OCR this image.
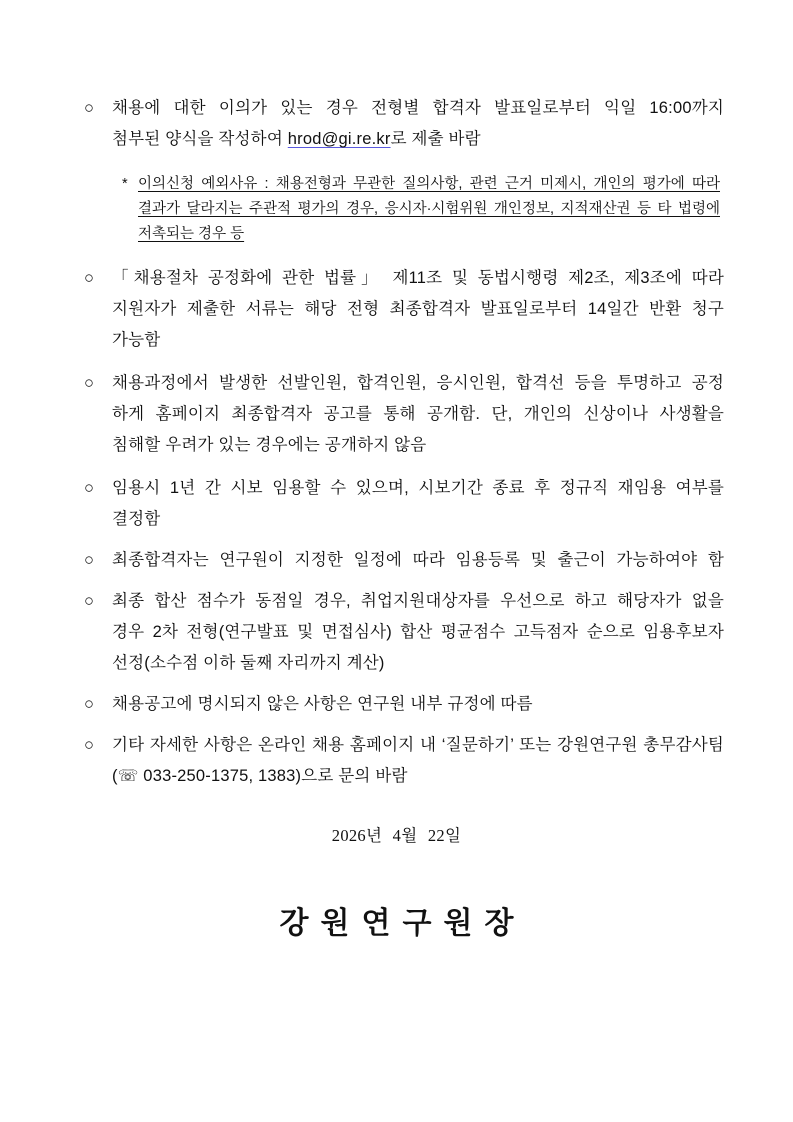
○	채용에 대한 이의가 있는 경우 전형별 합격자 발표일로부터 익일 16:00까지
첨부된 양식을 작성하여 hrod@gi.re.kr로 제출 바람
* 이의신청 예외사유 : 채용전형과 무관한 질의사항, 관련 근거 미제시, 개인의 평가에 따라
결과가 달라지는 주관적 평가의 경우, 응시자·시험위원 개인정보, 지적재산권 등 타 법령에
저촉되는 경우 등
○	「채용절차 공정화에 관한 법률」 제11조 및 동법시행령 제2조, 제3조에 따라
지원자가 제출한 서류는 해당 전형 최종합격자 발표일로부터 14일간 반환 청구
가능함
○	채용과정에서 발생한 선발인원, 합격인원, 응시인원, 합격선 등을 투명하고 공정
하게 홈페이지 최종합격자 공고를 통해 공개함. 단, 개인의 신상이나 사생활을
침해할 우려가 있는 경우에는 공개하지 않음
○	임용시 1년 간 시보 임용할 수 있으며, 시보기간 종료 후 정규직 재임용 여부를
결정함
○	최종합격자는 연구원이 지정한 일정에 따라 임용등록 및 출근이 가능하여야 함
○	최종 합산 점수가 동점일 경우, 취업지원대상자를 우선으로 하고 해당자가 없을
경우 2차 전형(연구발표 및 면접심사) 합산 평균점수 고득점자 순으로 임용후보자
선정(소수점 이하 둘째 자리까지 계산)
○	채용공고에 명시되지 않은 사항은 연구원 내부 규정에 따름
○	기타 자세한 사항은 온라인 채용 홈페이지 내 ‘질문하기’ 또는 강원연구원 총무감사팀
(☏ 033-250-1375, 1383)으로 문의 바람
2026년 4월 22일
강원연구원장
